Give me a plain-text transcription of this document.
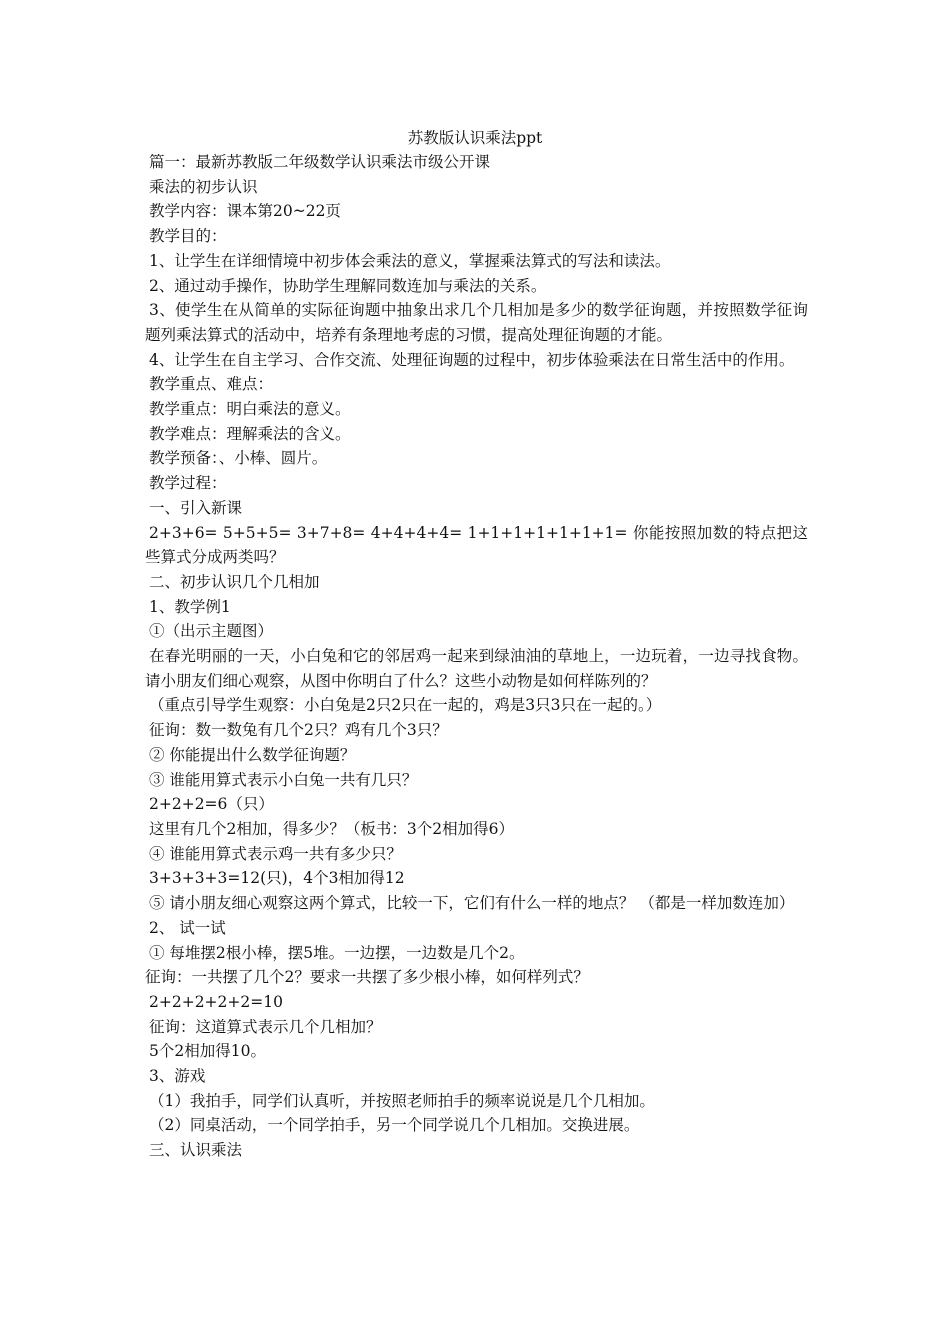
苏教版认识乘法ppt
篇一：最新苏教版二年级数学认识乘法市级公开课
乘法的初步认识
教学内容：课本第20~22页
教学目的：
1、让学生在详细情境中初步体会乘法的意义，掌握乘法算式的写法和读法。
2、通过动手操作，协助学生理解同数连加与乘法的关系。
3、使学生在从简单的实际征询题中抽象出求几个几相加是多少的数学征询题，并按照数学征询题列乘法算式的活动中，培养有条理地考虑的习惯，提高处理征询题的才能。
4、让学生在自主学习、合作交流、处理征询题的过程中，初步体验乘法在日常生活中的作用。
教学重点、难点：
教学重点：明白乘法的意义。
教学难点：理解乘法的含义。
教学预备：、小棒、圆片。
教学过程：
一、引入新课
2+3+6= 5+5+5= 3+7+8= 4+4+4+4= 1+1+1+1+1+1+1= 你能按照加数的特点把这些算式分成两类吗？
二、初步认识几个几相加
1、教学例1
①（出示主题图）
在春光明丽的一天，小白兔和它的邻居鸡一起来到绿油油的草地上，一边玩着，一边寻找食物。请小朋友们细心观察，从图中你明白了什么？这些小动物是如何样陈列的？
（重点引导学生观察：小白兔是2只2只在一起的，鸡是3只3只在一起的。）
征询：数一数兔有几个2只？鸡有几个3只？
② 你能提出什么数学征询题？
③ 谁能用算式表示小白兔一共有几只？
2+2+2=6（只）
这里有几个2相加，得多少？（板书：3个2相加得6）
④ 谁能用算式表示鸡一共有多少只？
3+3+3+3=12(只)，4个3相加得12
⑤ 请小朋友细心观察这两个算式，比较一下，它们有什么一样的地点？ （都是一样加数连加）
2、 试一试
① 每堆摆2根小棒，摆5堆。一边摆，一边数是几个2。
征询：一共摆了几个2？要求一共摆了多少根小棒，如何样列式？
2+2+2+2+2=10
征询：这道算式表示几个几相加？
5个2相加得10。
3、游戏
（1）我拍手，同学们认真听，并按照老师拍手的频率说说是几个几相加。
（2）同桌活动，一个同学拍手，另一个同学说几个几相加。交换进展。
三、认识乘法
